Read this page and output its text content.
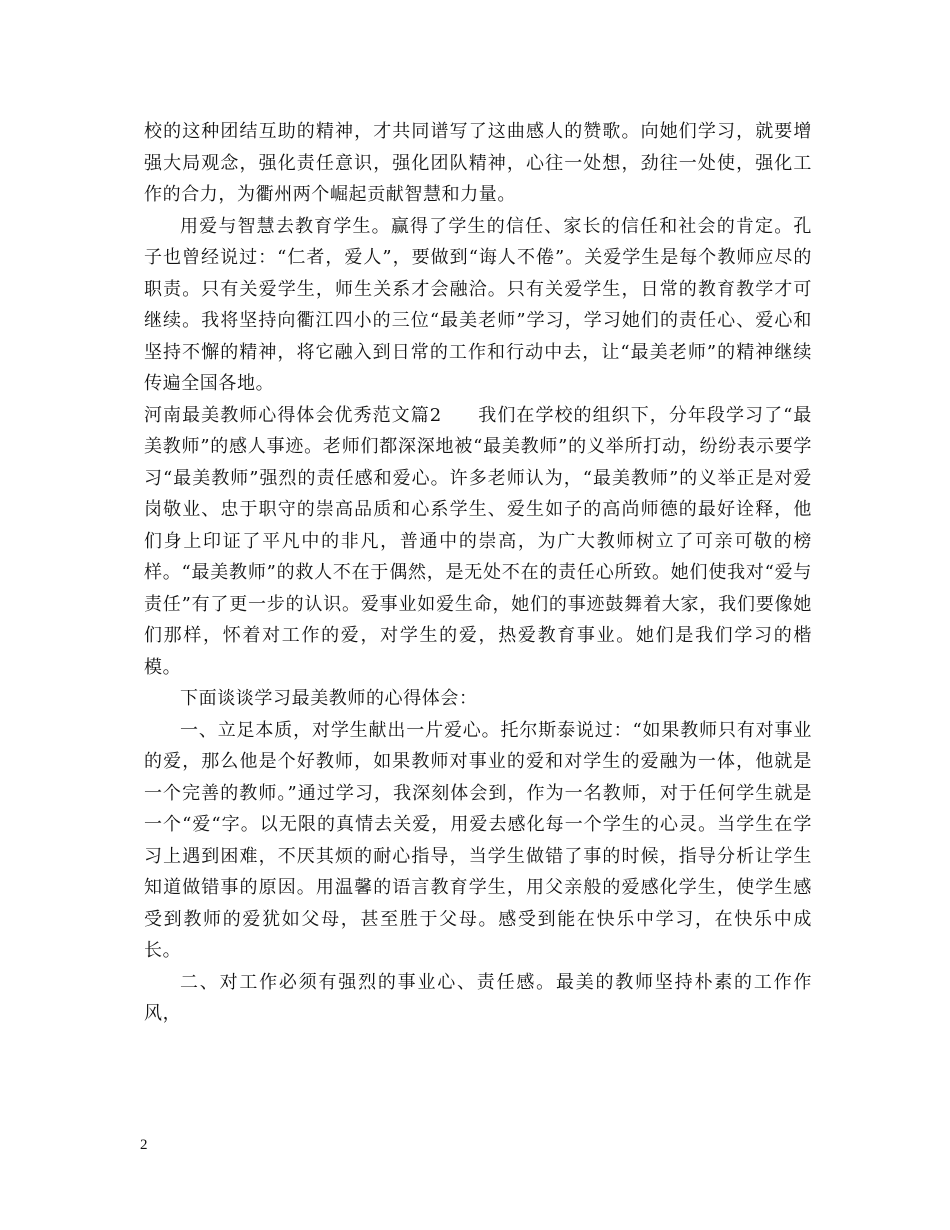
校的这种团结互助的精神，才共同谱写了这曲感人的赞歌。向她们学习，就要增强大局观念，强化责任意识，强化团队精神，心往一处想，劲往一处使，强化工作的合力，为衢州两个崛起贡献智慧和力量。

用爱与智慧去教育学生。赢得了学生的信任、家长的信任和社会的肯定。孔子也曾经说过：“仁者，爱人”，要做到“诲人不倦”。关爱学生是每个教师应尽的职责。只有关爱学生，师生关系才会融洽。只有关爱学生，日常的教育教学才可继续。我将坚持向衢江四小的三位“最美老师”学习，学习她们的责任心、爱心和坚持不懈的精神，将它融入到日常的工作和行动中去，让“最美老师”的精神继续传遍全国各地。

河南最美教师心得体会优秀范文篇2 我们在学校的组织下，分年段学习了“最美教师”的感人事迹。老师们都深深地被“最美教师”的义举所打动，纷纷表示要学习“最美教师”强烈的责任感和爱心。许多老师认为，“最美教师”的义举正是对爱岗敬业、忠于职守的崇高品质和心系学生、爱生如子的高尚师德的最好诠释，他们身上印证了平凡中的非凡，普通中的崇高，为广大教师树立了可亲可敬的榜样。“最美教师”的救人不在于偶然，是无处不在的责任心所致。她们使我对“爱与责任”有了更一步的认识。爱事业如爱生命，她们的事迹鼓舞着大家，我们要像她们那样，怀着对工作的爱，对学生的爱，热爱教育事业。她们是我们学习的楷模。

下面谈谈学习最美教师的心得体会：

一、立足本质，对学生献出一片爱心。托尔斯泰说过：“如果教师只有对事业的爱，那么他是个好教师，如果教师对事业的爱和对学生的爱融为一体，他就是一个完善的教师。”通过学习，我深刻体会到，作为一名教师，对于任何学生就是一个“爱“字。以无限的真情去关爱，用爱去感化每一个学生的心灵。当学生在学习上遇到困难，不厌其烦的耐心指导，当学生做错了事的时候，指导分析让学生知道做错事的原因。用温馨的语言教育学生，用父亲般的爱感化学生，使学生感受到教师的爱犹如父母，甚至胜于父母。感受到能在快乐中学习，在快乐中成长。

二、对工作必须有强烈的事业心、责任感。最美的教师坚持朴素的工作作风，

2
